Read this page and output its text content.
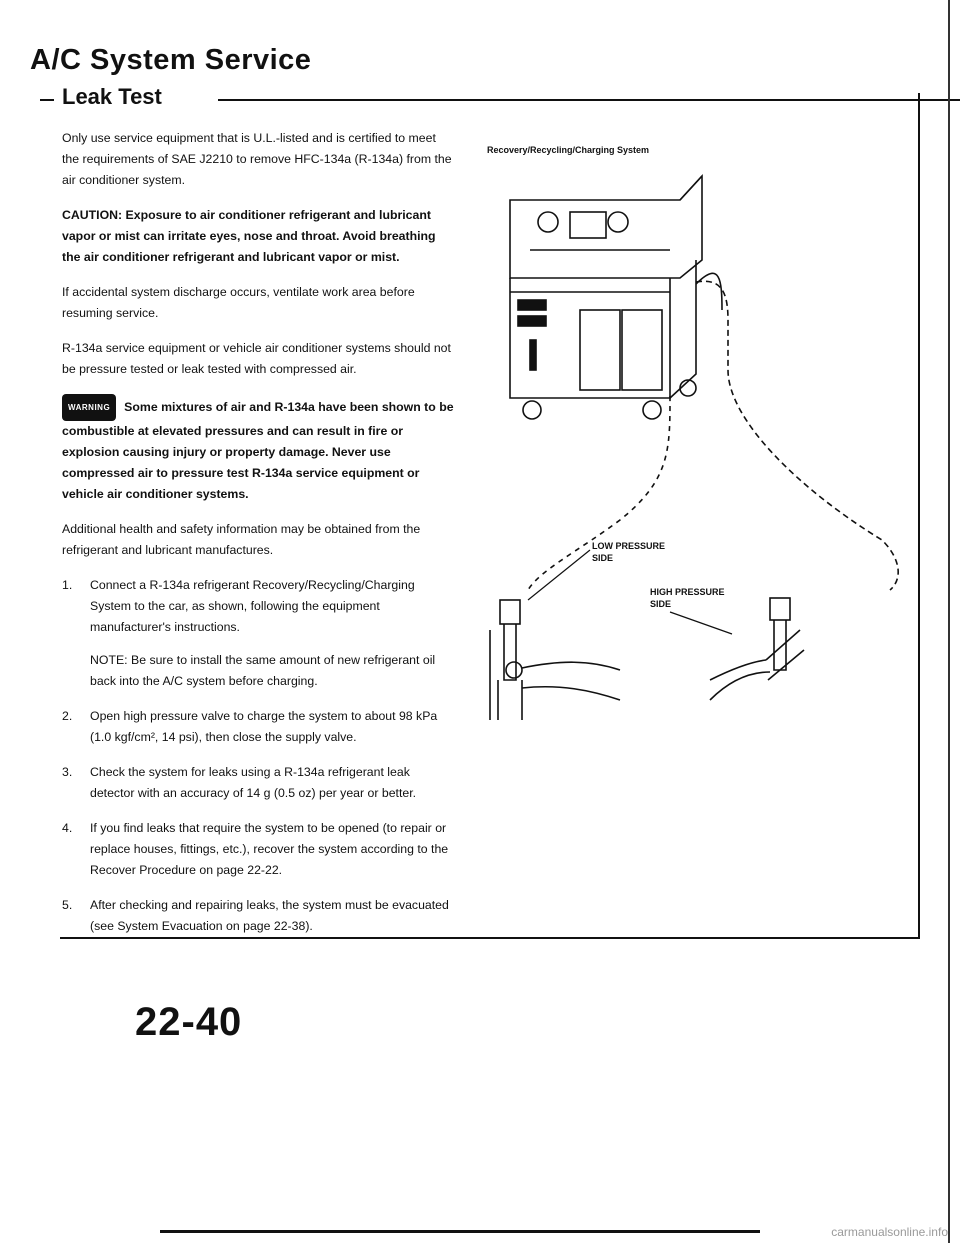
A/C System Service
Leak Test

Only use service equipment that is U.L.-listed and is certified to meet the requirements of SAE J2210 to remove HFC-134a (R-134a) from the air conditioner system.

CAUTION: Exposure to air conditioner refrigerant and lubricant vapor or mist can irritate eyes, nose and throat. Avoid breathing the air conditioner refrigerant and lubricant vapor or mist.

If accidental system discharge occurs, ventilate work area before resuming service.

R-134a service equipment or vehicle air conditioner systems should not be pressure tested or leak tested with compressed air.

WARNING Some mixtures of air and R-134a have been shown to be combustible at elevated pressures and can result in fire or explosion causing injury or property damage. Never use compressed air to pressure test R-134a service equipment or vehicle air conditioner systems.

Additional health and safety information may be obtained from the refrigerant and lubricant manufactures.

1. Connect a R-134a refrigerant Recovery/Recycling/Charging System to the car, as shown, following the equipment manufacturer's instructions.
NOTE: Be sure to install the same amount of new refrigerant oil back into the A/C system before charging.
2. Open high pressure valve to charge the system to about 98 kPa (1.0 kgf/cm², 14 psi), then close the supply valve.
3. Check the system for leaks using a R-134a refrigerant leak detector with an accuracy of 14 g (0.5 oz) per year or better.
4. If you find leaks that require the system to be opened (to repair or replace houses, fittings, etc.), recover the system according to the Recover Procedure on page 22-22.
5. After checking and repairing leaks, the system must be evacuated (see System Evacuation on page 22-38).
Recovery/Recycling/Charging System
LOW PRESSURE
SIDE
HIGH PRESSURE
SIDE
22-40
carmanualsonline.info
